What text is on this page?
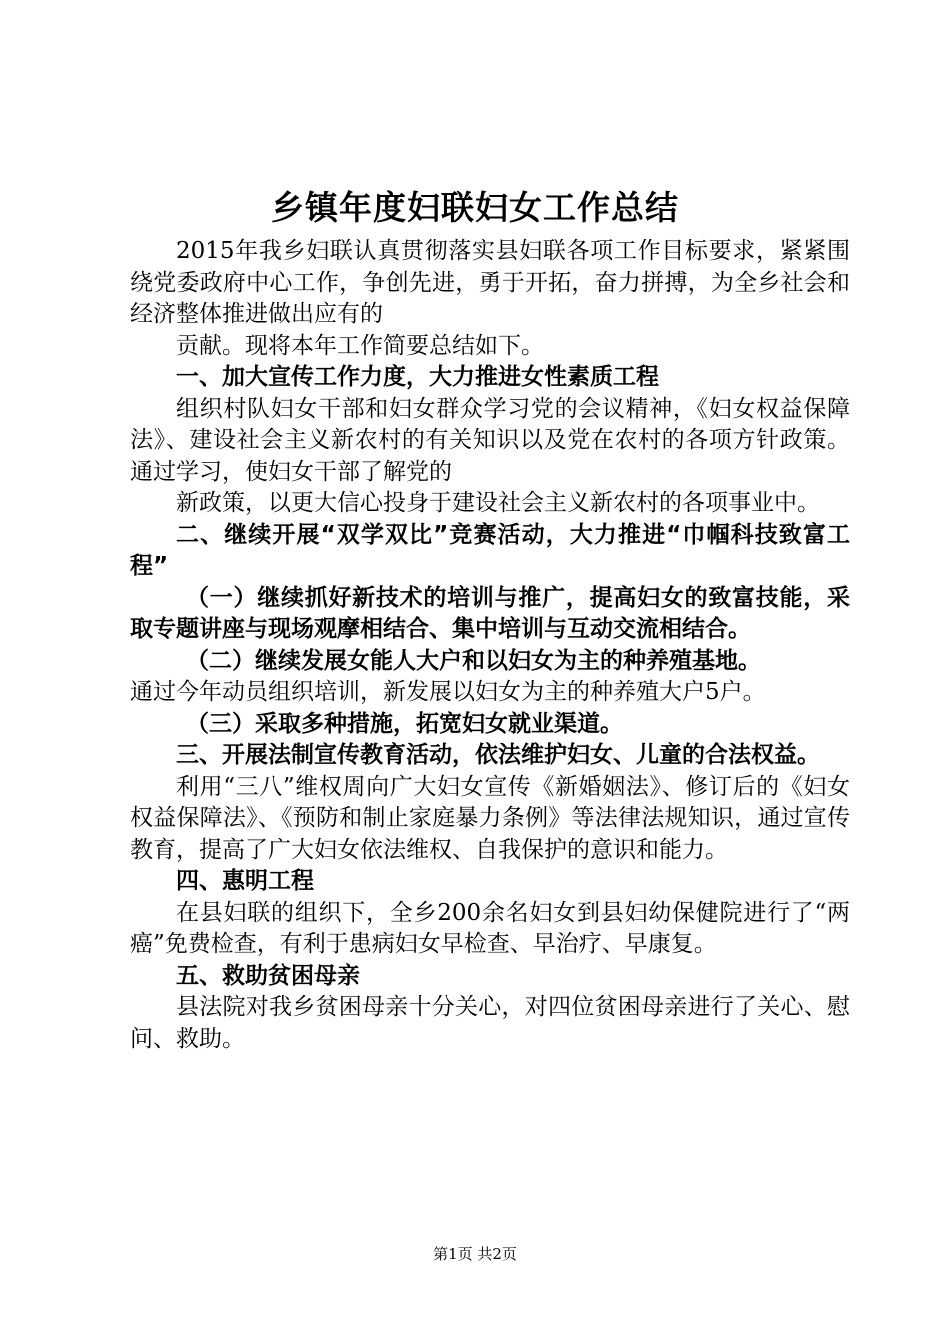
乡镇年度妇联妇女工作总结

2015年我乡妇联认真贯彻落实县妇联各项工作目标要求，紧紧围绕党委政府中心工作，争创先进，勇于开拓，奋力拼搏，为全乡社会和经济整体推进做出应有的

贡献。现将本年工作简要总结如下。

一、加大宣传工作力度，大力推进女性素质工程

组织村队妇女干部和妇女群众学习党的会议精神，《妇女权益保障法》、建设社会主义新农村的有关知识以及党在农村的各项方针政策。通过学习，使妇女干部了解党的

新政策，以更大信心投身于建设社会主义新农村的各项事业中。

二、继续开展“双学双比”竞赛活动，大力推进“巾帼科技致富工程”

（一）继续抓好新技术的培训与推广，提高妇女的致富技能，采取专题讲座与现场观摩相结合、集中培训与互动交流相结合。

（二）继续发展女能人大户和以妇女为主的种养殖基地。

通过今年动员组织培训，新发展以妇女为主的种养殖大户5户。

（三）采取多种措施，拓宽妇女就业渠道。

三、开展法制宣传教育活动，依法维护妇女、儿童的合法权益。

利用“三八”维权周向广大妇女宣传《新婚姻法》、修订后的《妇女权益保障法》、《预防和制止家庭暴力条例》等法律法规知识，通过宣传教育，提高了广大妇女依法维权、自我保护的意识和能力。

四、惠明工程

在县妇联的组织下，全乡200余名妇女到县妇幼保健院进行了“两癌”免费检查，有利于患病妇女早检查、早治疗、早康复。

五、救助贫困母亲

县法院对我乡贫困母亲十分关心，对四位贫困母亲进行了关心、慰问、救助。

第1页 共2页
